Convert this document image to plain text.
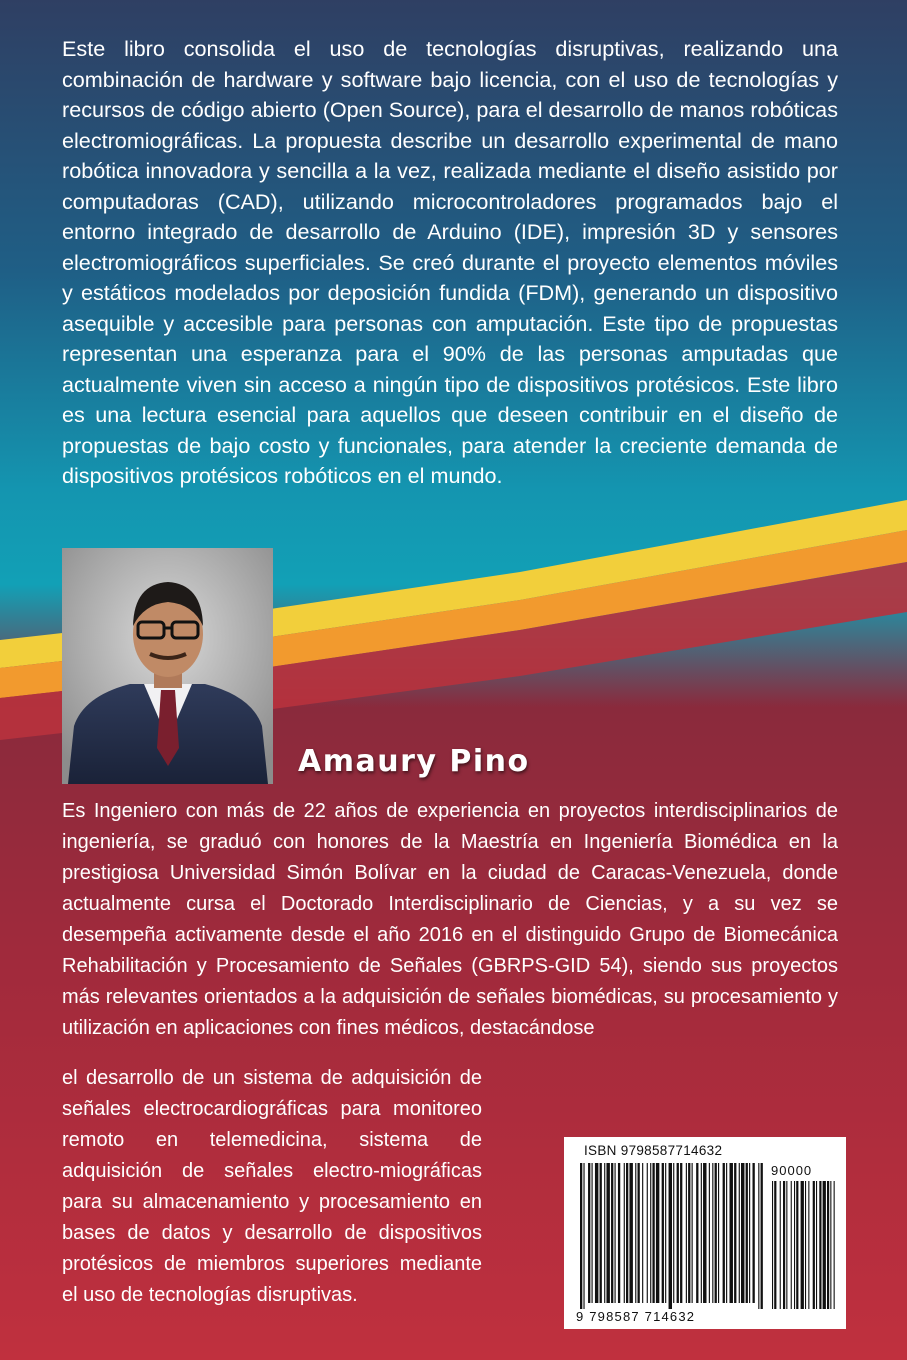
Este libro consolida el uso de tecnologías disruptivas, realizando una combinación de hardware y software bajo licencia, con el uso de tecnologías y recursos de código abierto (Open Source), para el desarrollo de manos robóticas electromiográficas. La propuesta describe un desarrollo experimental de mano robótica innovadora y sencilla a la vez, realizada mediante el diseño asistido por computadoras (CAD), utilizando microcontroladores programados bajo el entorno integrado de desarrollo de Arduino (IDE), impresión 3D y sensores electromiográficos superficiales. Se creó durante el proyecto elementos móviles y estáticos modelados por deposición fundida (FDM), generando un dispositivo asequible y accesible para personas con amputación. Este tipo de propuestas representan una esperanza para el 90% de las personas amputadas que actualmente viven sin acceso a ningún tipo de dispositivos protésicos. Este libro es una lectura esencial para aquellos que deseen contribuir en el diseño de propuestas de bajo costo y funcionales, para atender la creciente demanda de dispositivos protésicos robóticos en el mundo.

Amaury Pino

Es Ingeniero con más de 22 años de experiencia en proyectos interdisciplinarios de ingeniería, se graduó con honores de la Maestría en Ingeniería Biomédica en la prestigiosa Universidad Simón Bolívar en la ciudad de Caracas-Venezuela, donde actualmente cursa el Doctorado Interdisciplinario de Ciencias, y a su vez se desempeña activamente desde el año 2016 en el distinguido Grupo de Biomecánica Rehabilitación y Procesamiento de Señales (GBRPS-GID 54), siendo sus proyectos más relevantes orientados a la adquisición de señales biomédicas, su procesamiento y utilización en aplicaciones con fines médicos, destacándose

el desarrollo de un sistema de adquisición de señales electrocardiográficas para monitoreo remoto en telemedicina, sistema de adquisición de señales electro-miográficas para su almacenamiento y procesamiento en bases de datos y desarrollo de dispositivos protésicos de miembros superiores mediante el uso de tecnologías disruptivas.

ISBN 9798587714632
9 798587 714632
90000
